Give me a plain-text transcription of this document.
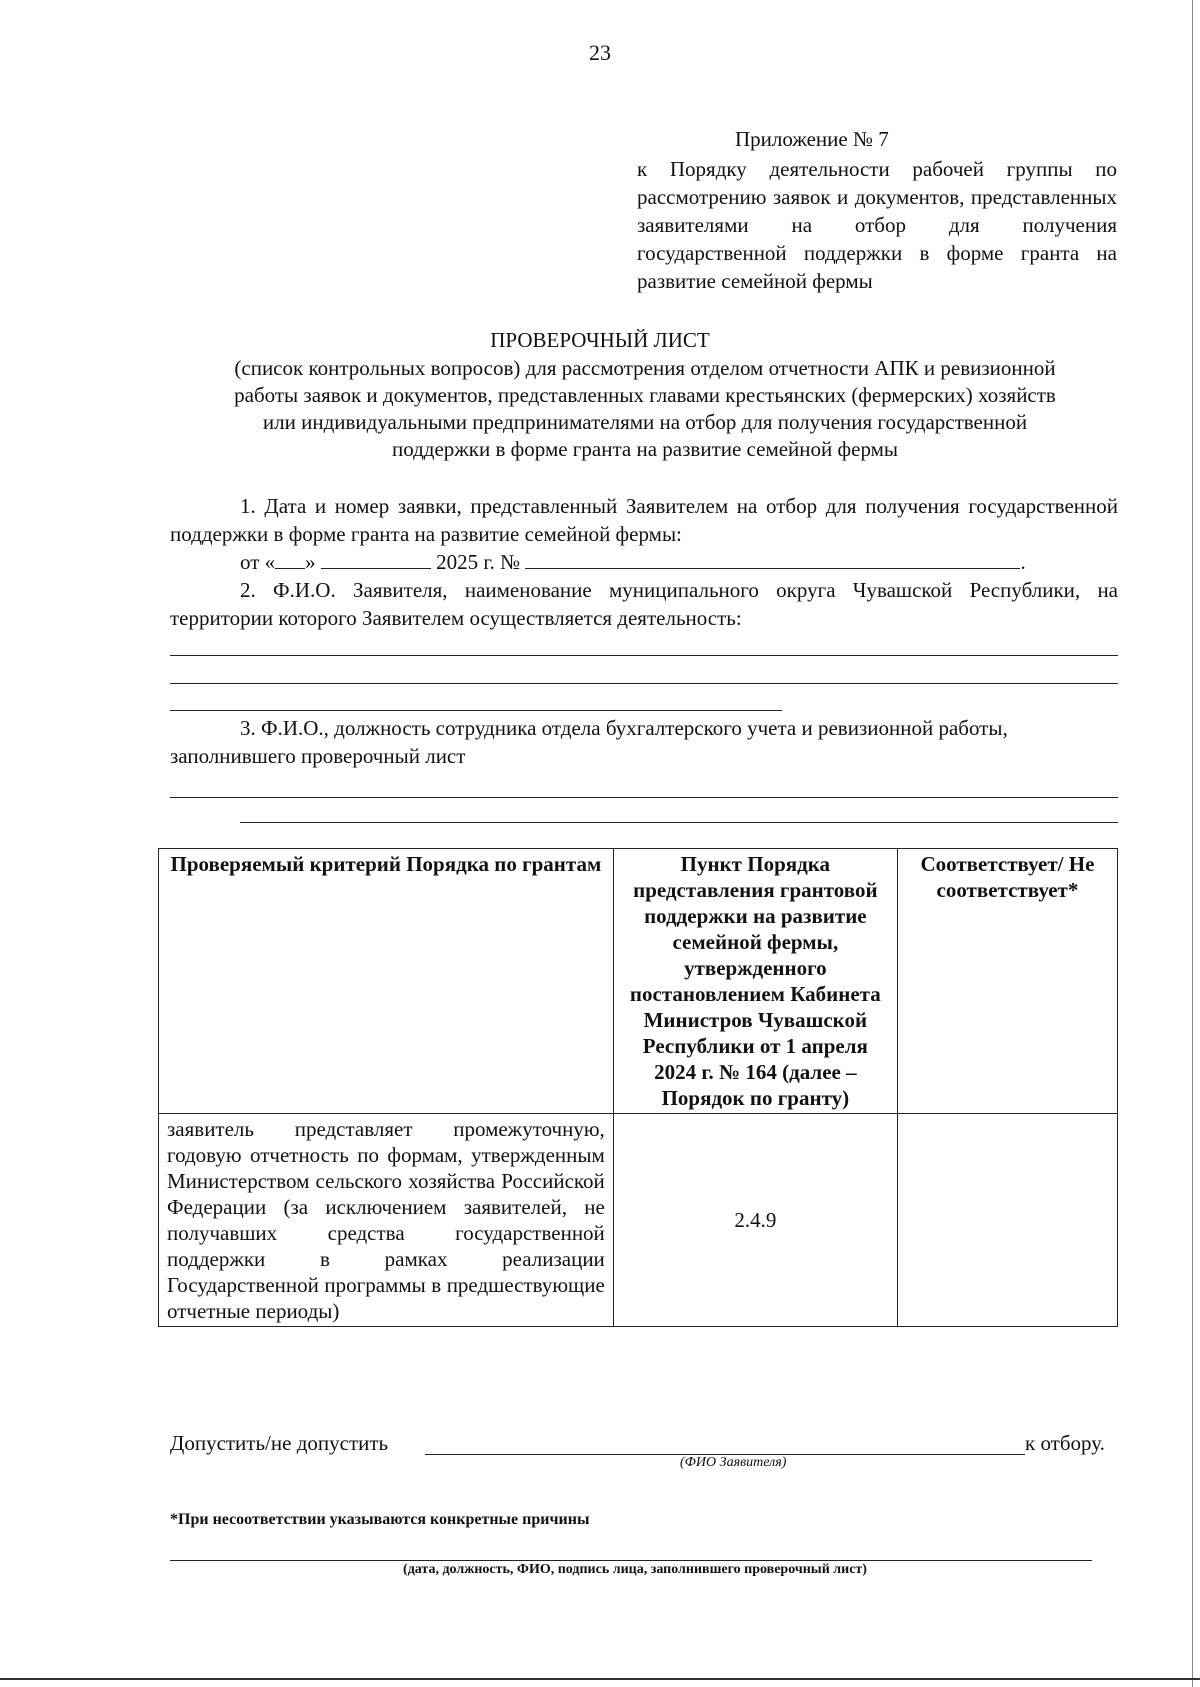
23
Приложение № 7
к Порядку деятельности рабочей группы по рассмотрению заявок и документов, представленных заявителями на отбор для получения государственной поддержки в форме гранта на развитие семейной фермы
ПРОВЕРОЧНЫЙ ЛИСТ
(список контрольных вопросов) для рассмотрения отделом отчетности АПК и ревизионной
работы заявок и документов, представленных главами крестьянских (фермерских) хозяйств
или индивидуальными предпринимателями на отбор для получения государственной
поддержки в форме гранта на развитие семейной фермы
1. Дата и номер заявки, представленный Заявителем на отбор для получения государственной поддержки в форме гранта на развитие семейной фермы:
от « »	2025 г. №	.
2. Ф.И.О. Заявителя, наименование муниципального округа Чувашской Республики, на территории которого Заявителем осуществляется деятельность:
3. Ф.И.О., должность сотрудника отдела бухгалтерского учета и ревизионной работы, заполнившего проверочный лист
Проверяемый критерий Порядка по грантам	Пункт Порядка представления грантовой поддержки на развитие семейной фермы, утвержденного постановлением Кабинета Министров Чувашской Республики от 1 апреля 2024 г. № 164 (далее – Порядок по гранту)	Соответствует/ Не соответствует*
заявитель представляет промежуточную, годовую отчетность по формам, утвержденным Министерством сельского хозяйства Российской Федерации (за исключением заявителей, не получавших средства государственной поддержки в рамках реализации Государственной программы в предшествующие отчетные периоды)	2.4.9	
Допустить/не допустить	к отбору.
(ФИО Заявителя)
*При несоответствии указываются конкретные причины
(дата, должность, ФИО, подпись лица, заполнившего проверочный лист)
